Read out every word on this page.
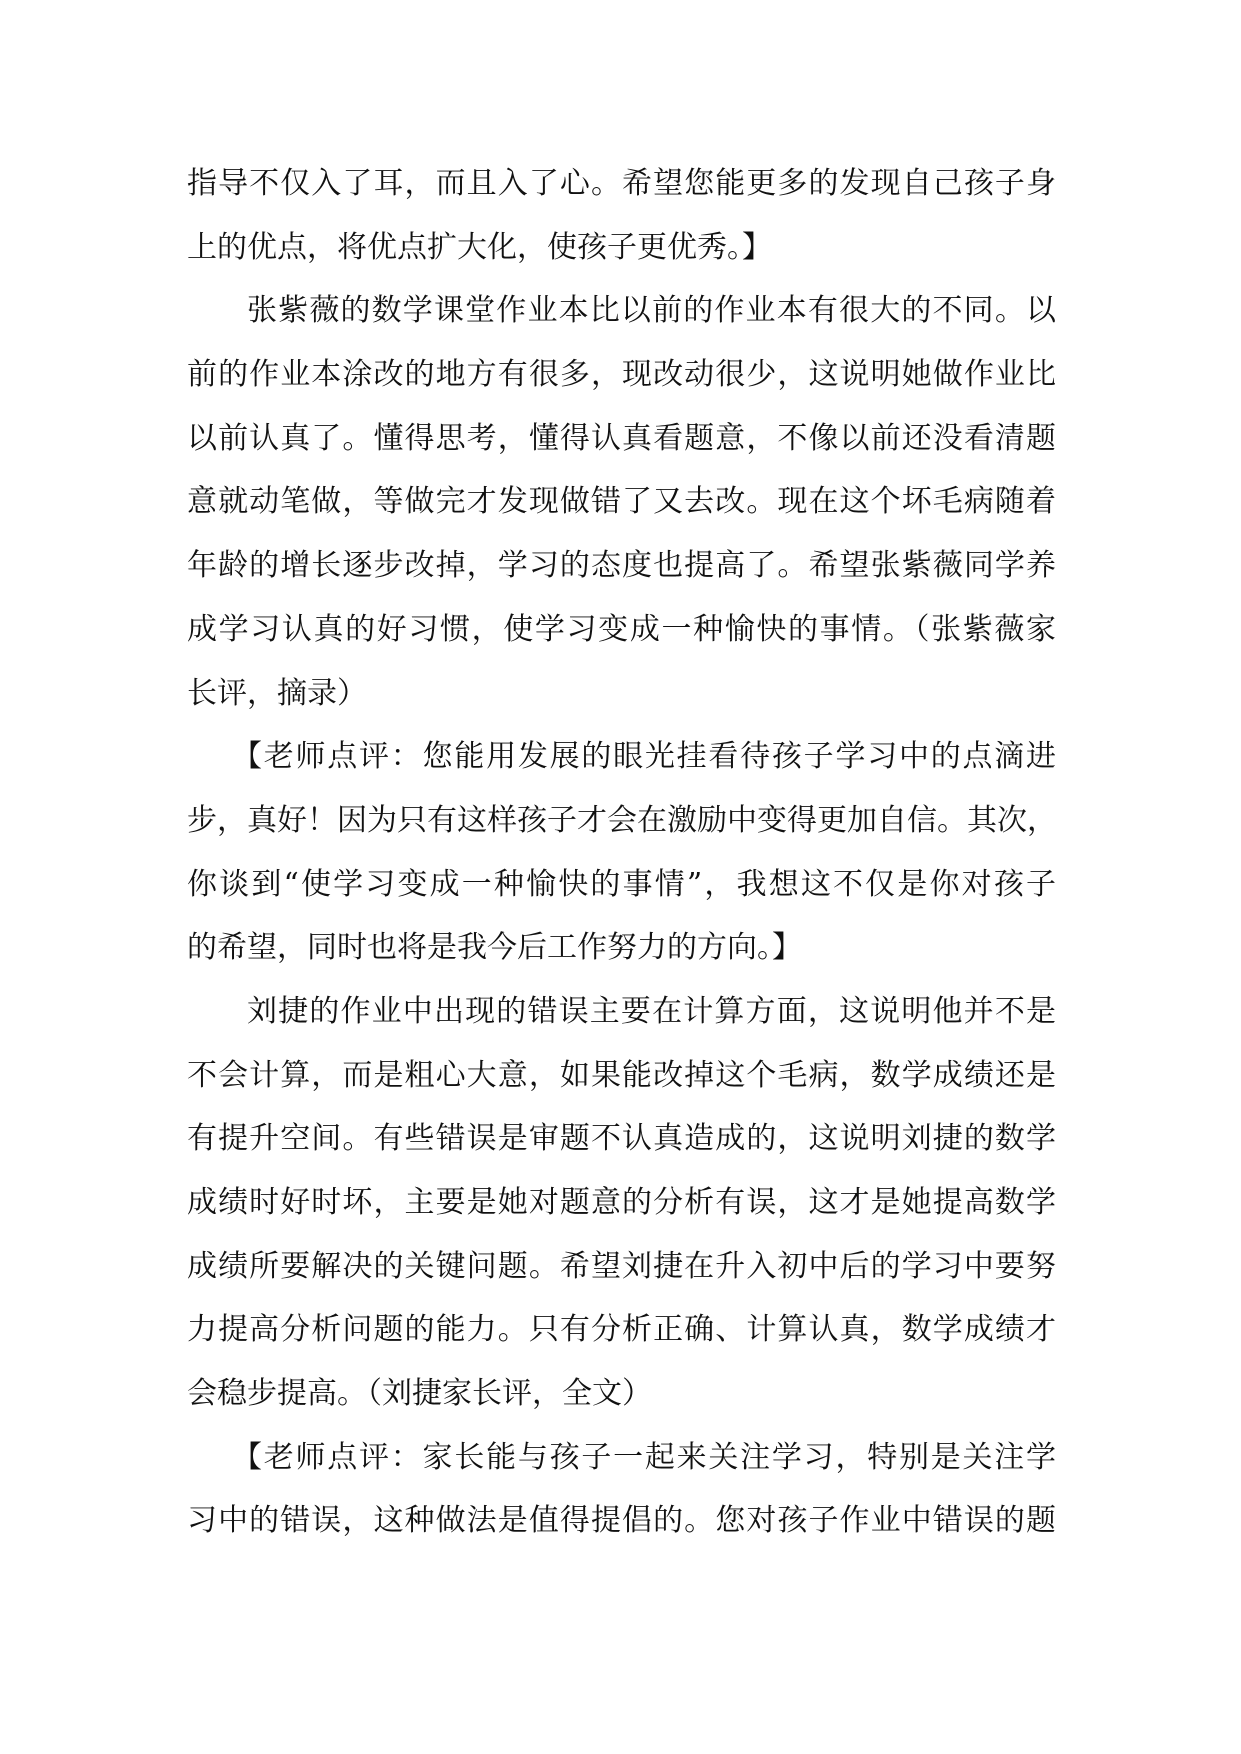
指导不仅入了耳，而且入了心。希望您能更多的发现自己孩子身
上的优点，将优点扩大化，使孩子更优秀。】
张紫薇的数学课堂作业本比以前的作业本有很大的不同。以
前的作业本涂改的地方有很多，现改动很少，这说明她做作业比
以前认真了。懂得思考，懂得认真看题意，不像以前还没看清题
意就动笔做，等做完才发现做错了又去改。现在这个坏毛病随着
年龄的增长逐步改掉，学习的态度也提高了。希望张紫薇同学养
成学习认真的好习惯，使学习变成一种愉快的事情。（张紫薇家
长评，摘录）
【老师点评：您能用发展的眼光挂看待孩子学习中的点滴进
步，真好！因为只有这样孩子才会在激励中变得更加自信。其次，
你谈到“使学习变成一种愉快的事情”，我想这不仅是你对孩子
的希望，同时也将是我今后工作努力的方向。】
刘捷的作业中出现的错误主要在计算方面，这说明他并不是
不会计算，而是粗心大意，如果能改掉这个毛病，数学成绩还是
有提升空间。有些错误是审题不认真造成的，这说明刘捷的数学
成绩时好时坏，主要是她对题意的分析有误，这才是她提高数学
成绩所要解决的关键问题。希望刘捷在升入初中后的学习中要努
力提高分析问题的能力。只有分析正确、计算认真，数学成绩才
会稳步提高。（刘捷家长评，全文）
【老师点评：家长能与孩子一起来关注学习，特别是关注学
习中的错误，这种做法是值得提倡的。您对孩子作业中错误的题
